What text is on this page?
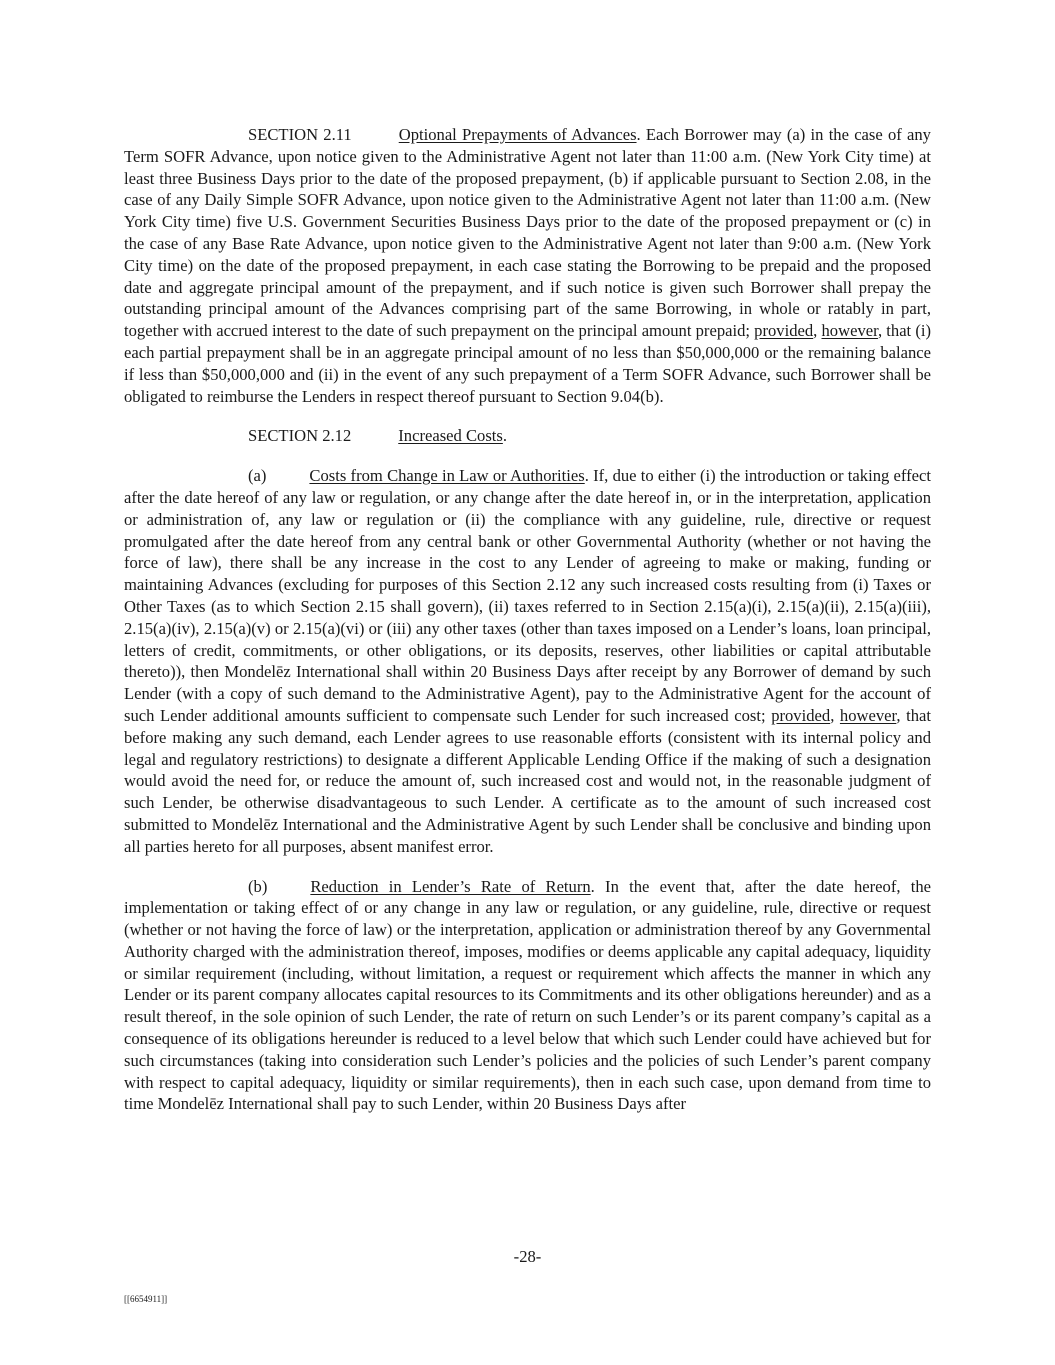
SECTION 2.11	Optional Prepayments of Advances. Each Borrower may (a) in the case of any Term SOFR Advance, upon notice given to the Administrative Agent not later than 11:00 a.m. (New York City time) at least three Business Days prior to the date of the proposed prepayment, (b) if applicable pursuant to Section 2.08, in the case of any Daily Simple SOFR Advance, upon notice given to the Administrative Agent not later than 11:00 a.m. (New York City time) five U.S. Government Securities Business Days prior to the date of the proposed prepayment or (c) in the case of any Base Rate Advance, upon notice given to the Administrative Agent not later than 9:00 a.m. (New York City time) on the date of the proposed prepayment, in each case stating the Borrowing to be prepaid and the proposed date and aggregate principal amount of the prepayment, and if such notice is given such Borrower shall prepay the outstanding principal amount of the Advances comprising part of the same Borrowing, in whole or ratably in part, together with accrued interest to the date of such prepayment on the principal amount prepaid; provided, however, that (i) each partial prepayment shall be in an aggregate principal amount of no less than $50,000,000 or the remaining balance if less than $50,000,000 and (ii) in the event of any such prepayment of a Term SOFR Advance, such Borrower shall be obligated to reimburse the Lenders in respect thereof pursuant to Section 9.04(b).

SECTION 2.12	Increased Costs.

(a)	Costs from Change in Law or Authorities. If, due to either (i) the introduction or taking effect after the date hereof of any law or regulation, or any change after the date hereof in, or in the interpretation, application or administration of, any law or regulation or (ii) the compliance with any guideline, rule, directive or request promulgated after the date hereof from any central bank or other Governmental Authority (whether or not having the force of law), there shall be any increase in the cost to any Lender of agreeing to make or making, funding or maintaining Advances (excluding for purposes of this Section 2.12 any such increased costs resulting from (i) Taxes or Other Taxes (as to which Section 2.15 shall govern), (ii) taxes referred to in Section 2.15(a)(i), 2.15(a)(ii), 2.15(a)(iii), 2.15(a)(iv), 2.15(a)(v) or 2.15(a)(vi) or (iii) any other taxes (other than taxes imposed on a Lender’s loans, loan principal, letters of credit, commitments, or other obligations, or its deposits, reserves, other liabilities or capital attributable thereto)), then Mondelēz International shall within 20 Business Days after receipt by any Borrower of demand by such Lender (with a copy of such demand to the Administrative Agent), pay to the Administrative Agent for the account of such Lender additional amounts sufficient to compensate such Lender for such increased cost; provided, however, that before making any such demand, each Lender agrees to use reasonable efforts (consistent with its internal policy and legal and regulatory restrictions) to designate a different Applicable Lending Office if the making of such a designation would avoid the need for, or reduce the amount of, such increased cost and would not, in the reasonable judgment of such Lender, be otherwise disadvantageous to such Lender. A certificate as to the amount of such increased cost submitted to Mondelēz International and the Administrative Agent by such Lender shall be conclusive and binding upon all parties hereto for all purposes, absent manifest error.

(b)	Reduction in Lender’s Rate of Return. In the event that, after the date hereof, the implementation or taking effect of or any change in any law or regulation, or any guideline, rule, directive or request (whether or not having the force of law) or the interpretation, application or administration thereof by any Governmental Authority charged with the administration thereof, imposes, modifies or deems applicable any capital adequacy, liquidity or similar requirement (including, without limitation, a request or requirement which affects the manner in which any Lender or its parent company allocates capital resources to its Commitments and its other obligations hereunder) and as a result thereof, in the sole opinion of such Lender, the rate of return on such Lender’s or its parent company’s capital as a consequence of its obligations hereunder is reduced to a level below that which such Lender could have achieved but for such circumstances (taking into consideration such Lender’s policies and the policies of such Lender’s parent company with respect to capital adequacy, liquidity or similar requirements), then in each such case, upon demand from time to time Mondelēz International shall pay to such Lender, within 20 Business Days after

-28-
[[6654911]]
